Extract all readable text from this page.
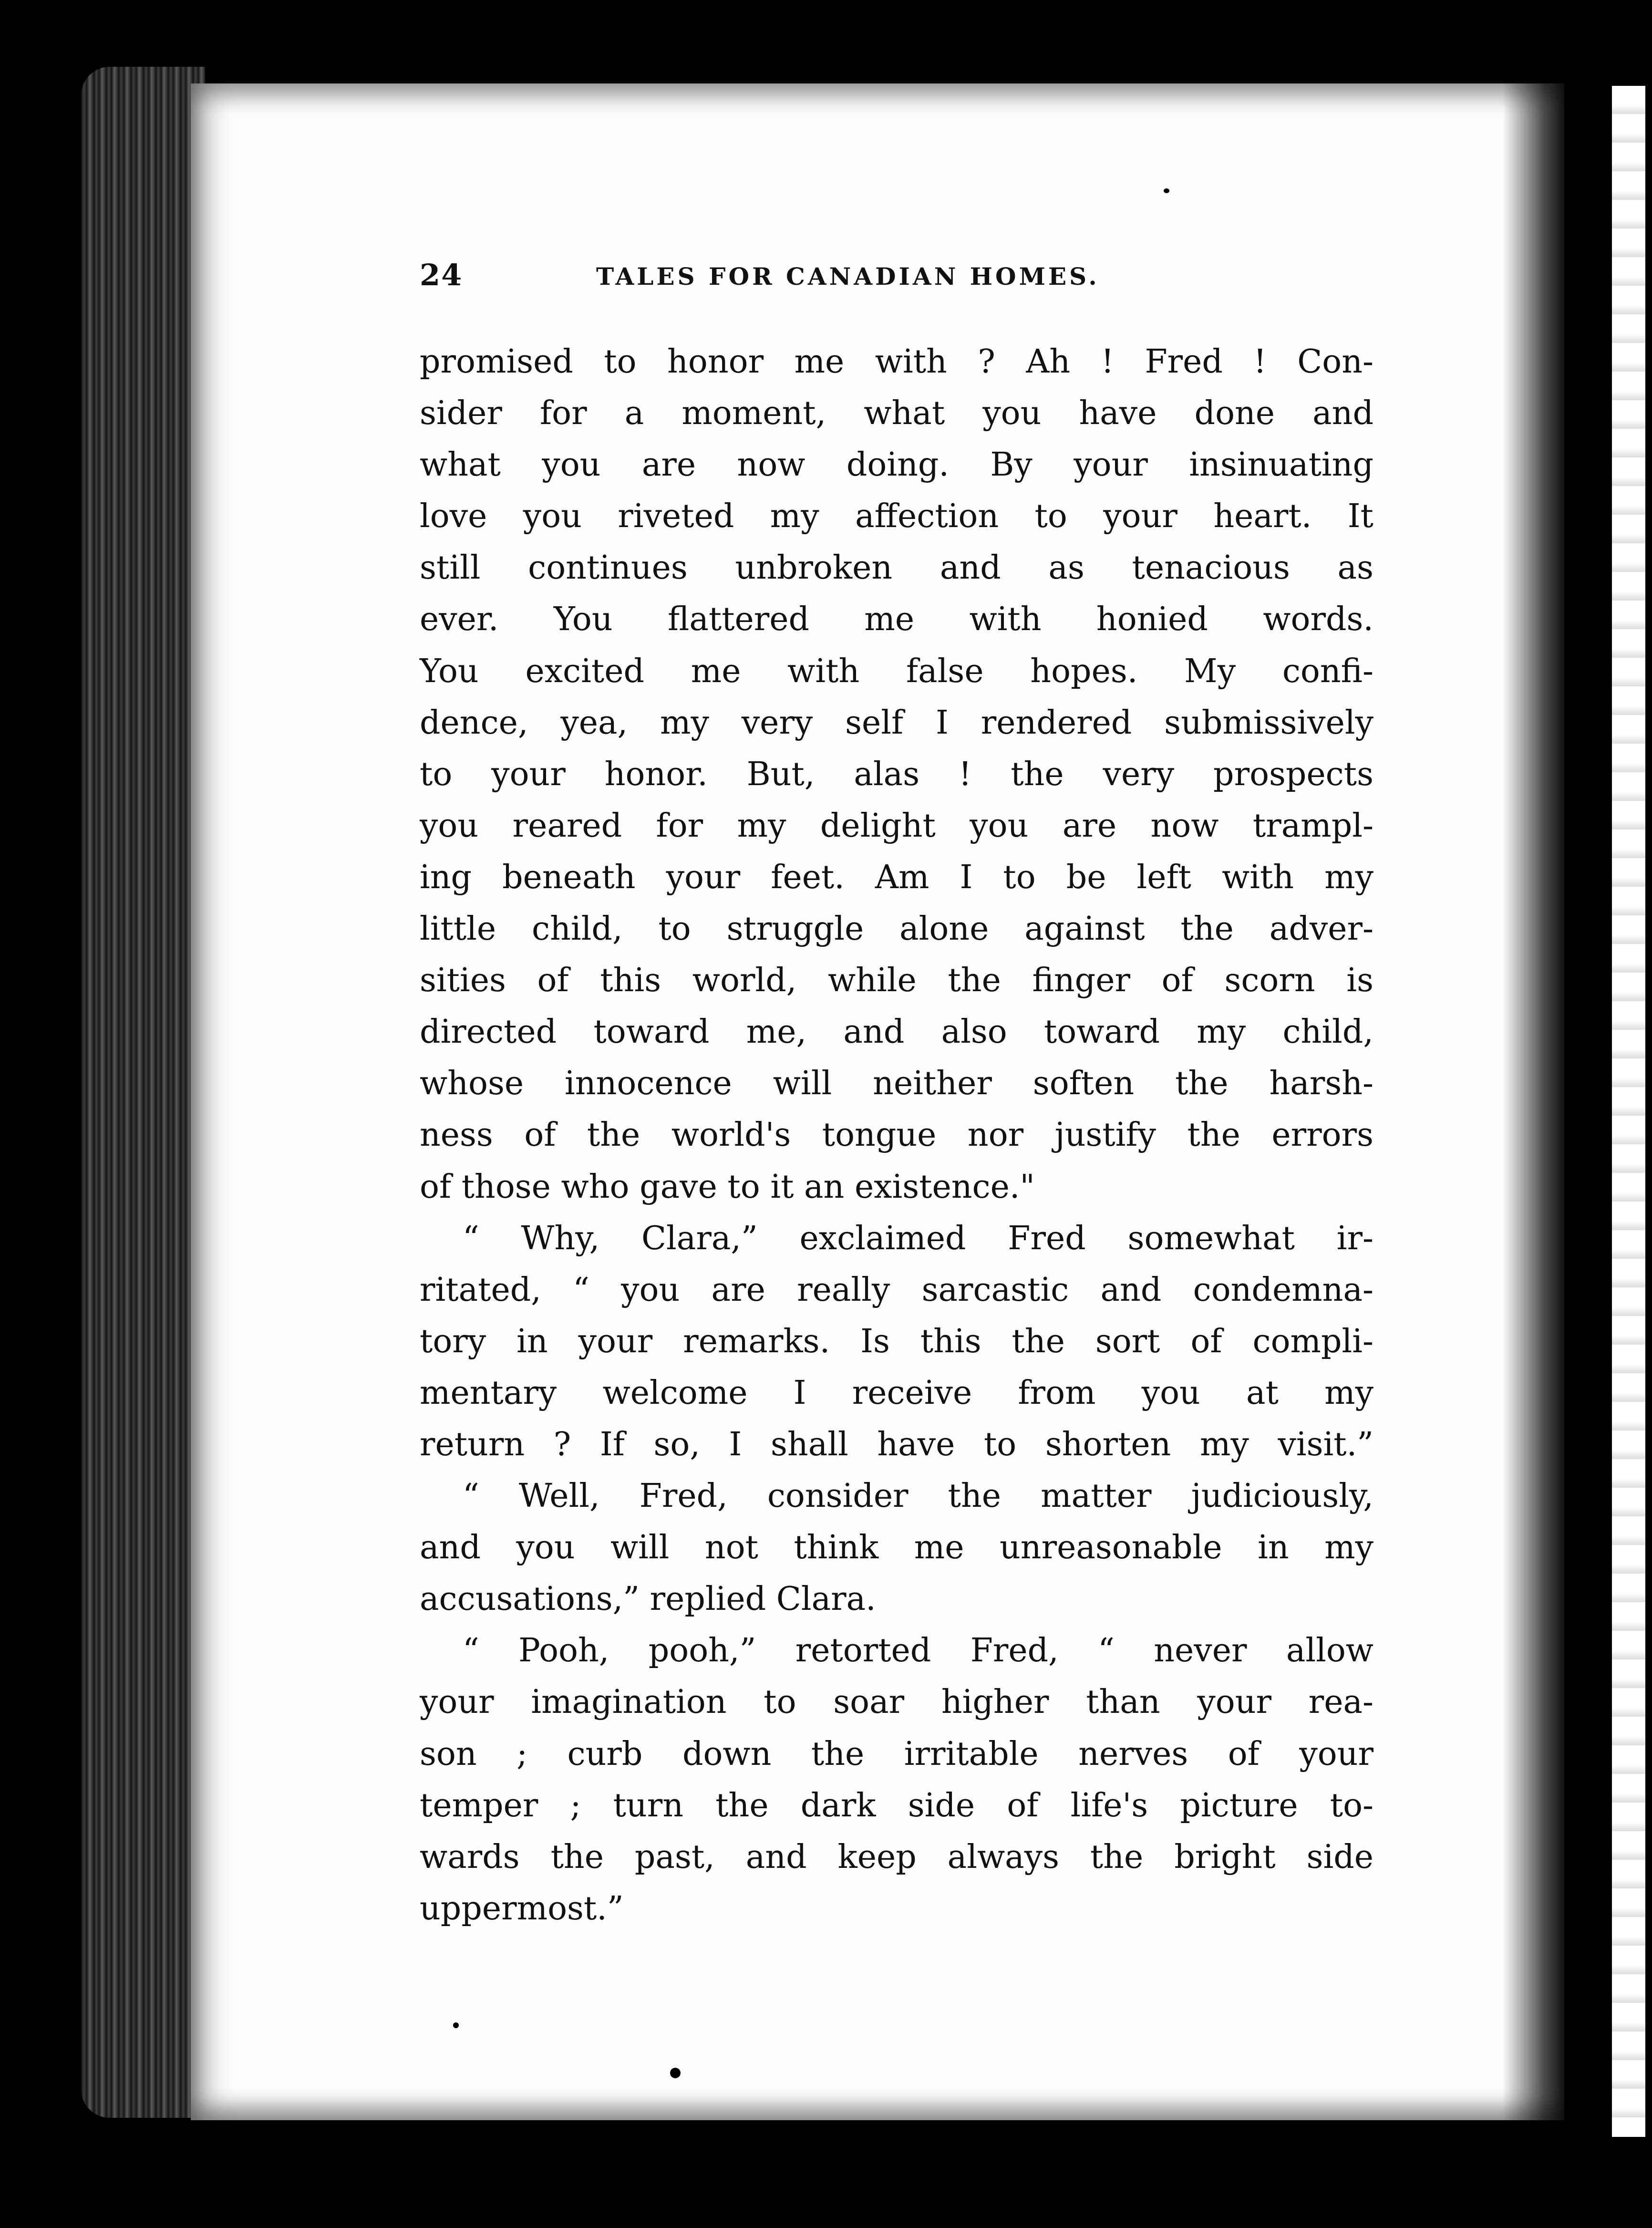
24	TALES FOR CANADIAN HOMES.
promised to honor me with ? Ah ! Fred ! Con-
sider for a moment, what you have done and
what you are now doing. By your insinuating
love you riveted my affection to your heart. It
still continues unbroken and as tenacious as
ever. You flattered me with honied words.
You excited me with false hopes. My confi-
dence, yea, my very self I rendered submissively
to your honor. But, alas ! the very prospects
you reared for my delight you are now trampl-
ing beneath your feet. Am I to be left with my
little child, to struggle alone against the adver-
sities of this world, while the finger of scorn is
directed toward me, and also toward my child,
whose innocence will neither soften the harsh-
ness of the world's tongue nor justify the errors
of those who gave to it an existence."
“ Why, Clara,” exclaimed Fred somewhat ir-
ritated, “ you are really sarcastic and condemna-
tory in your remarks. Is this the sort of compli-
mentary welcome I receive from you at my
return ? If so, I shall have to shorten my visit.”
“ Well, Fred, consider the matter judiciously,
and you will not think me unreasonable in my
accusations,” replied Clara.
“ Pooh, pooh,” retorted Fred, “ never allow
your imagination to soar higher than your rea-
son ; curb down the irritable nerves of your
temper ; turn the dark side of life's picture to-
wards the past, and keep always the bright side
uppermost.”
